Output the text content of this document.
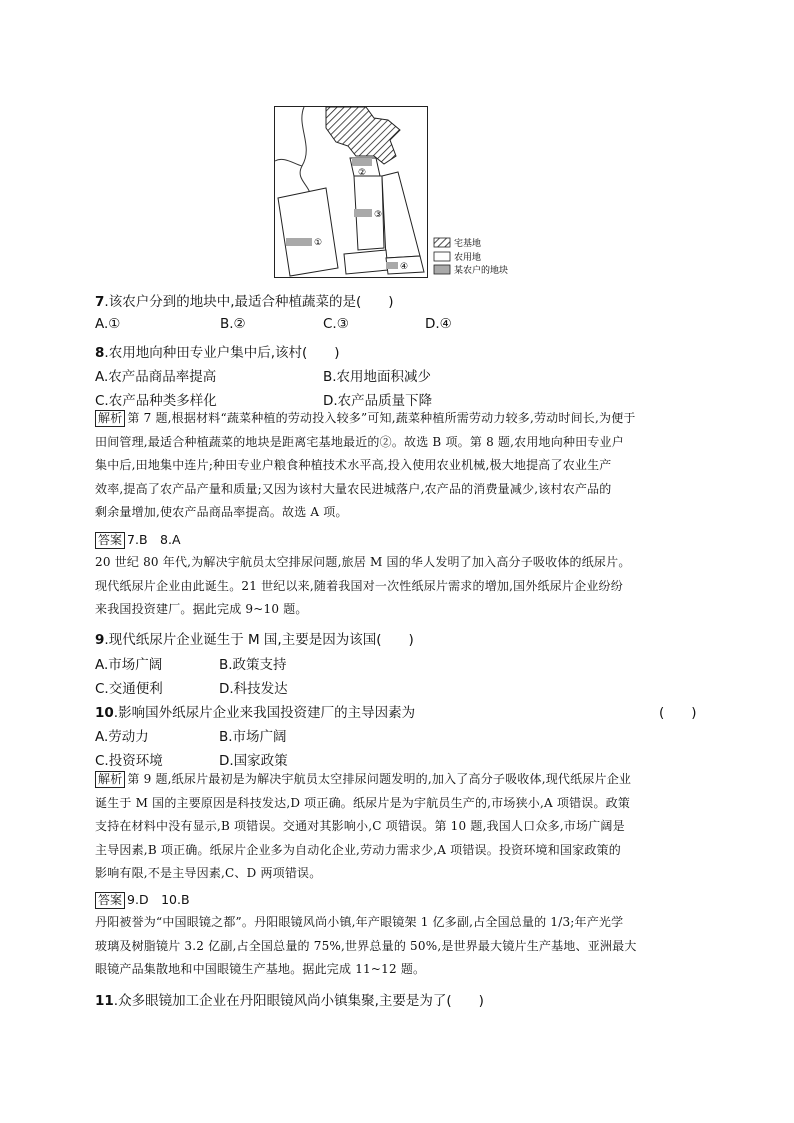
①
②
③
④
宅基地
农用地
某农户的地块
7.该农户分到的地块中,最适合种植蔬菜的是(　　)
A.①	B.②	C.③	D.④
8.农用地向种田专业户集中后,该村(　　)
A.农产品商品率提高	B.农用地面积减少
C.农产品种类多样化	D.农产品质量下降
解析 第 7 题,根据材料“蔬菜种植的劳动投入较多”可知,蔬菜种植所需劳动力较多,劳动时间长,为便于
田间管理,最适合种植蔬菜的地块是距离宅基地最近的②。故选 B 项。第 8 题,农用地向种田专业户
集中后,田地集中连片;种田专业户粮食种植技术水平高,投入使用农业机械,极大地提高了农业生产
效率,提高了农产品产量和质量;又因为该村大量农民进城落户,农产品的消费量减少,该村农产品的
剩余量增加,使农产品商品率提高。故选 A 项。
答案 7.B　8.A
20 世纪 80 年代,为解决宇航员太空排尿问题,旅居 M 国的华人发明了加入高分子吸收体的纸尿片。
现代纸尿片企业由此诞生。21 世纪以来,随着我国对一次性纸尿片需求的增加,国外纸尿片企业纷纷
来我国投资建厂。据此完成 9~10 题。
9.现代纸尿片企业诞生于 M 国,主要是因为该国(　　)
A.市场广阔	B.政策支持
C.交通便利	D.科技发达
10.影响国外纸尿片企业来我国投资建厂的主导因素为	(　　)
A.劳动力	B.市场广阔
C.投资环境	D.国家政策
解析 第 9 题,纸尿片最初是为解决宇航员太空排尿问题发明的,加入了高分子吸收体,现代纸尿片企业
诞生于 M 国的主要原因是科技发达,D 项正确。纸尿片是为宇航员生产的,市场狭小,A 项错误。政策
支持在材料中没有显示,B 项错误。交通对其影响小,C 项错误。第 10 题,我国人口众多,市场广阔是
主导因素,B 项正确。纸尿片企业多为自动化企业,劳动力需求少,A 项错误。投资环境和国家政策的
影响有限,不是主导因素,C、D 两项错误。
答案 9.D　10.B
丹阳被誉为“中国眼镜之都”。丹阳眼镜风尚小镇,年产眼镜架 1 亿多副,占全国总量的 1/3;年产光学
玻璃及树脂镜片 3.2 亿副,占全国总量的 75%,世界总量的 50%,是世界最大镜片生产基地、亚洲最大
眼镜产品集散地和中国眼镜生产基地。据此完成 11~12 题。
11.众多眼镜加工企业在丹阳眼镜风尚小镇集聚,主要是为了(　　)
